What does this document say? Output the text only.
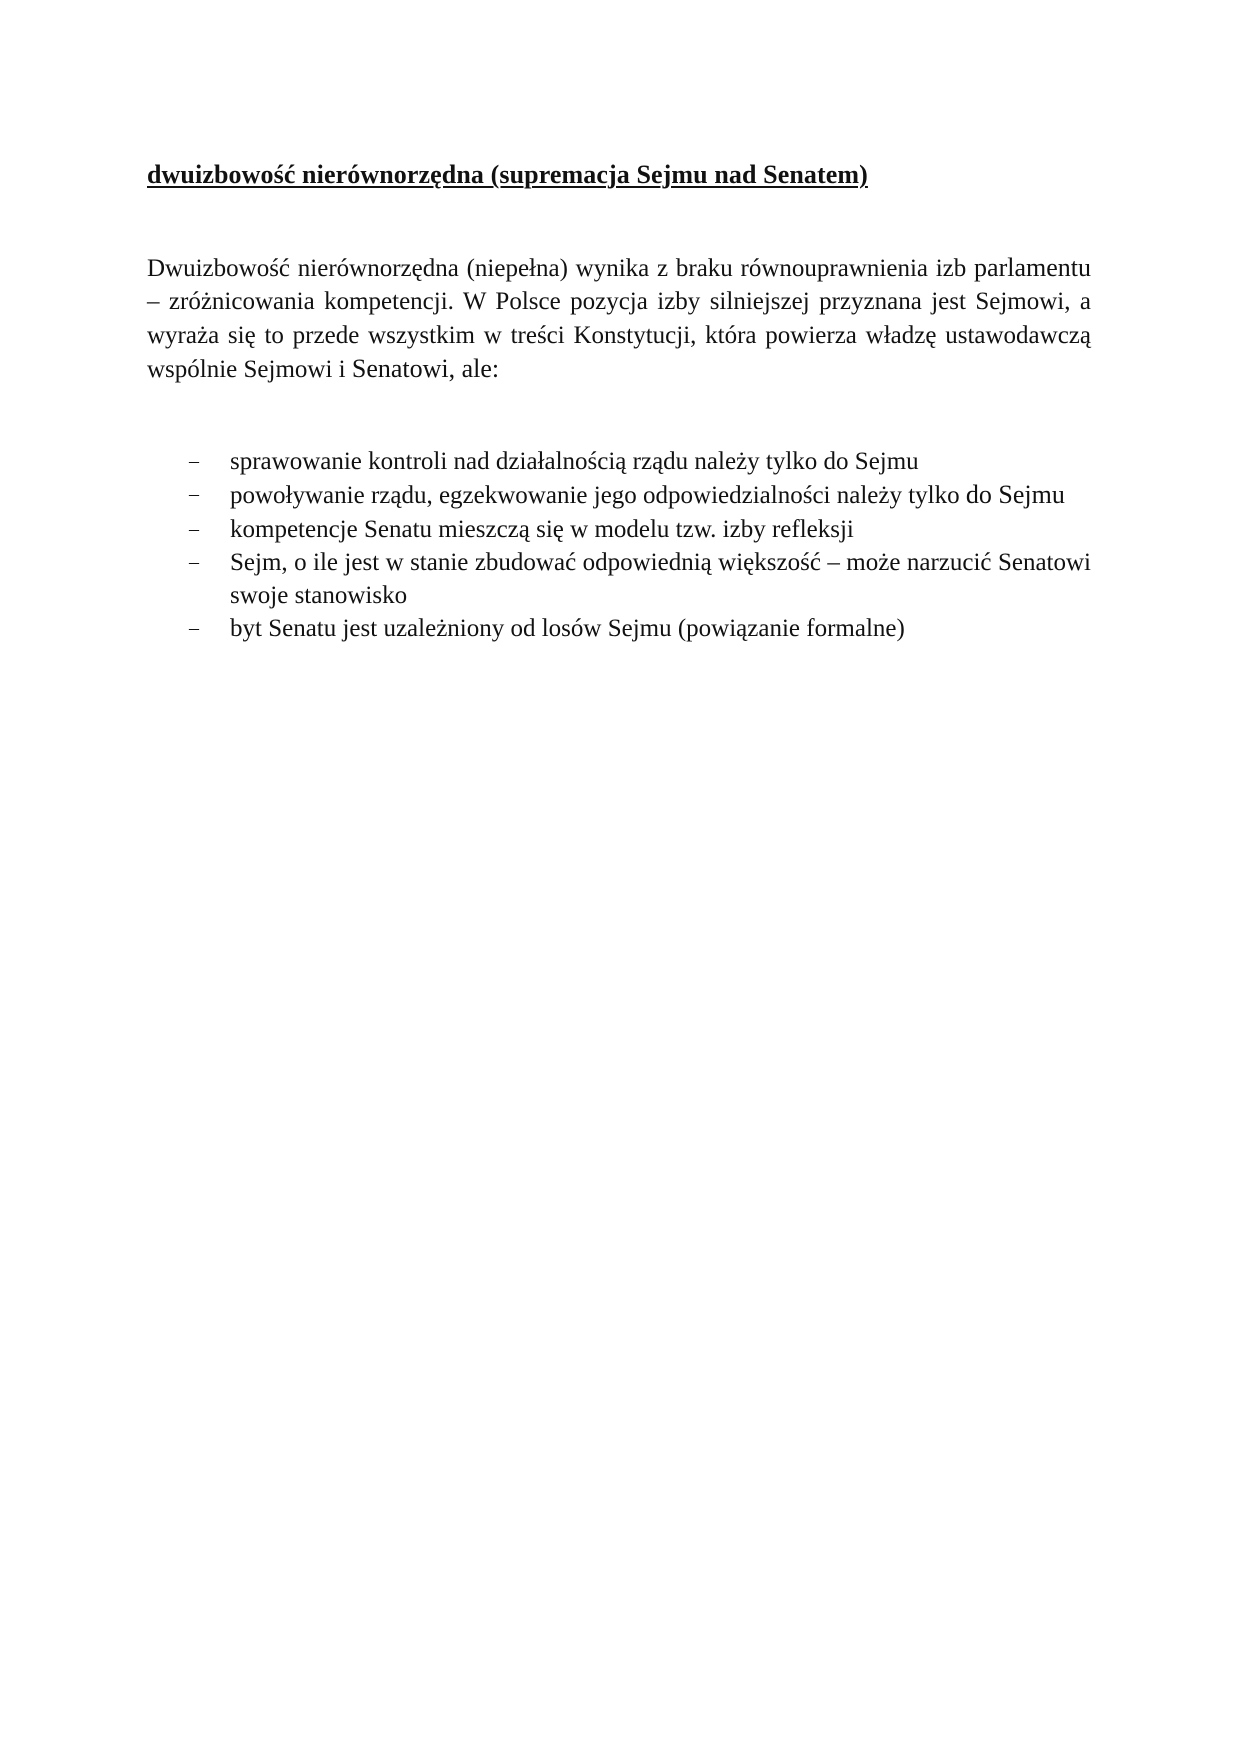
dwuizbowość nierównorzędna (supremacja Sejmu nad Senatem)

Dwuizbowość nierównorzędna (niepełna) wynika z braku równouprawnienia izb parlamentu – zróżnicowania kompetencji. W Polsce pozycja izby silniejszej przyznana jest Sejmowi, a wyraża się to przede wszystkim w treści Konstytucji, która powierza władzę ustawodawczą wspólnie Sejmowi i Senatowi, ale:

– sprawowanie kontroli nad działalnością rządu należy tylko do Sejmu
– powoływanie rządu, egzekwowanie jego odpowiedzialności należy tylko do Sejmu
– kompetencje Senatu mieszczą się w modelu tzw. izby refleksji
– Sejm, o ile jest w stanie zbudować odpowiednią większość – może narzucić Senatowi swoje stanowisko
– byt Senatu jest uzależniony od losów Sejmu (powiązanie formalne)
